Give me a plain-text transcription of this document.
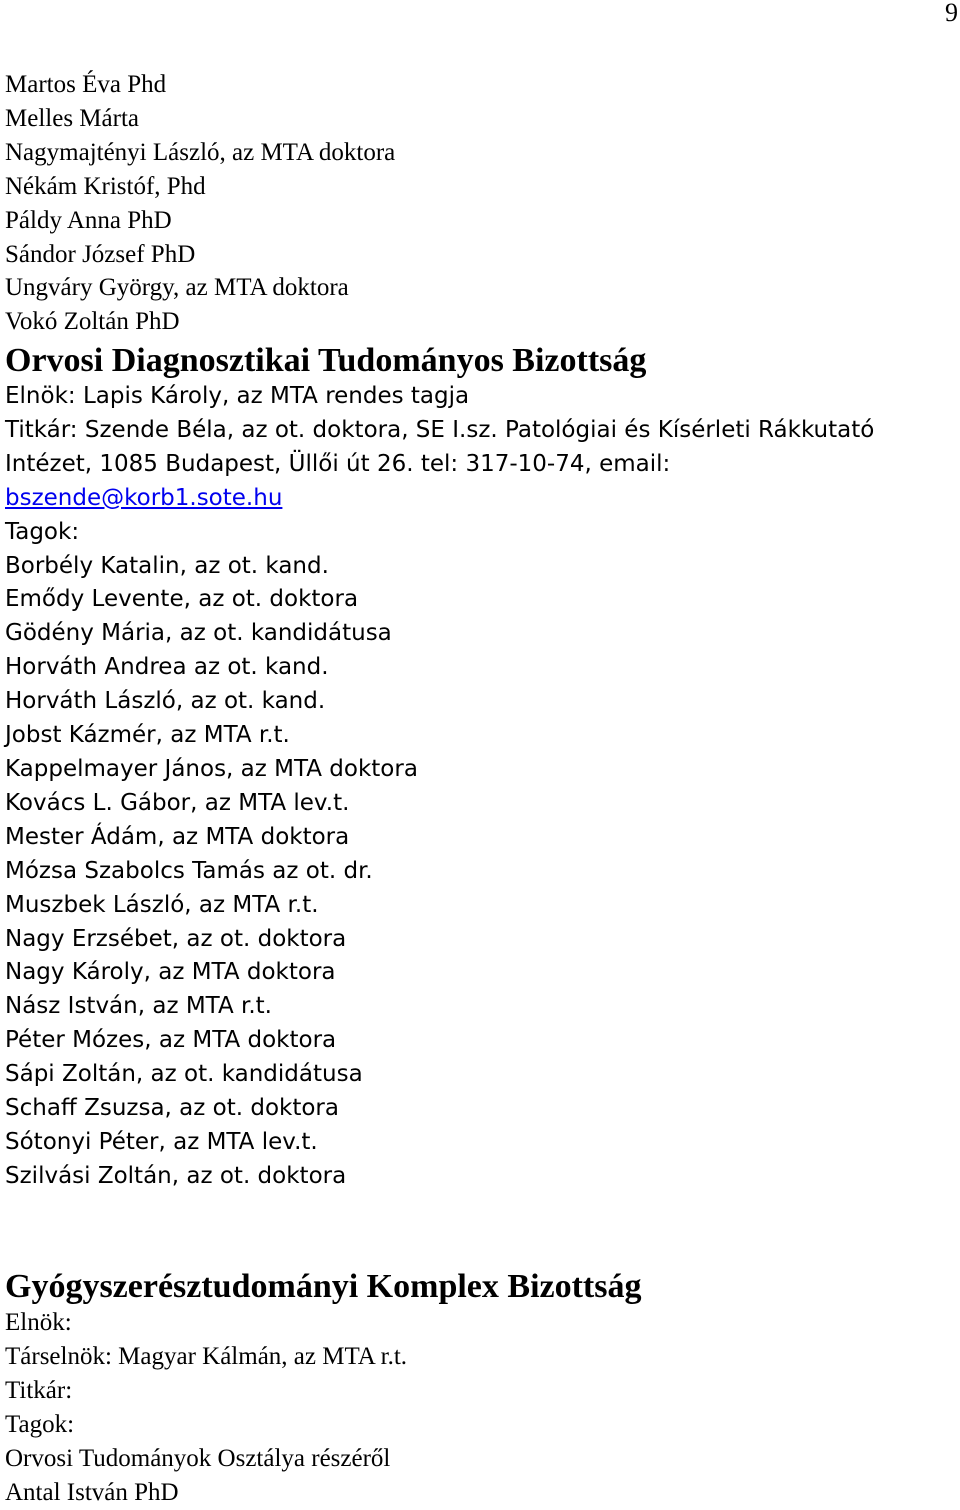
9
Martos Éva Phd
Melles Márta
Nagymajtényi László, az MTA doktora
Nékám Kristóf, Phd
Páldy Anna PhD
Sándor József PhD
Ungváry György, az MTA doktora
Vokó Zoltán PhD
Orvosi Diagnosztikai Tudományos Bizottság
Elnök: Lapis Károly, az MTA rendes tagja
Titkár: Szende Béla, az ot. doktora, SE I.sz. Patológiai és Kísérleti Rákkutató
Intézet, 1085 Budapest, Üllői út 26. tel: 317-10-74, email:
bszende@korb1.sote.hu
Tagok:
Borbély Katalin, az ot. kand.
Emődy Levente, az ot. doktora
Gödény Mária, az ot. kandidátusa
Horváth Andrea az ot. kand.
Horváth László, az ot. kand.
Jobst Kázmér, az MTA r.t.
Kappelmayer János, az MTA doktora
Kovács L. Gábor, az MTA lev.t.
Mester Ádám, az MTA doktora
Mózsa Szabolcs Tamás az ot. dr.
Muszbek László, az MTA r.t.
Nagy Erzsébet, az ot. doktora
Nagy Károly, az MTA doktora
Nász István, az MTA r.t.
Péter Mózes, az MTA doktora
Sápi Zoltán, az ot. kandidátusa
Schaff Zsuzsa, az ot. doktora
Sótonyi Péter, az MTA lev.t.
Szilvási Zoltán, az ot. doktora
Gyógyszerésztudományi Komplex Bizottság
Elnök:
Társelnök: Magyar Kálmán, az MTA r.t.
Titkár:
Tagok:
Orvosi Tudományok Osztálya részéről
Antal István PhD
